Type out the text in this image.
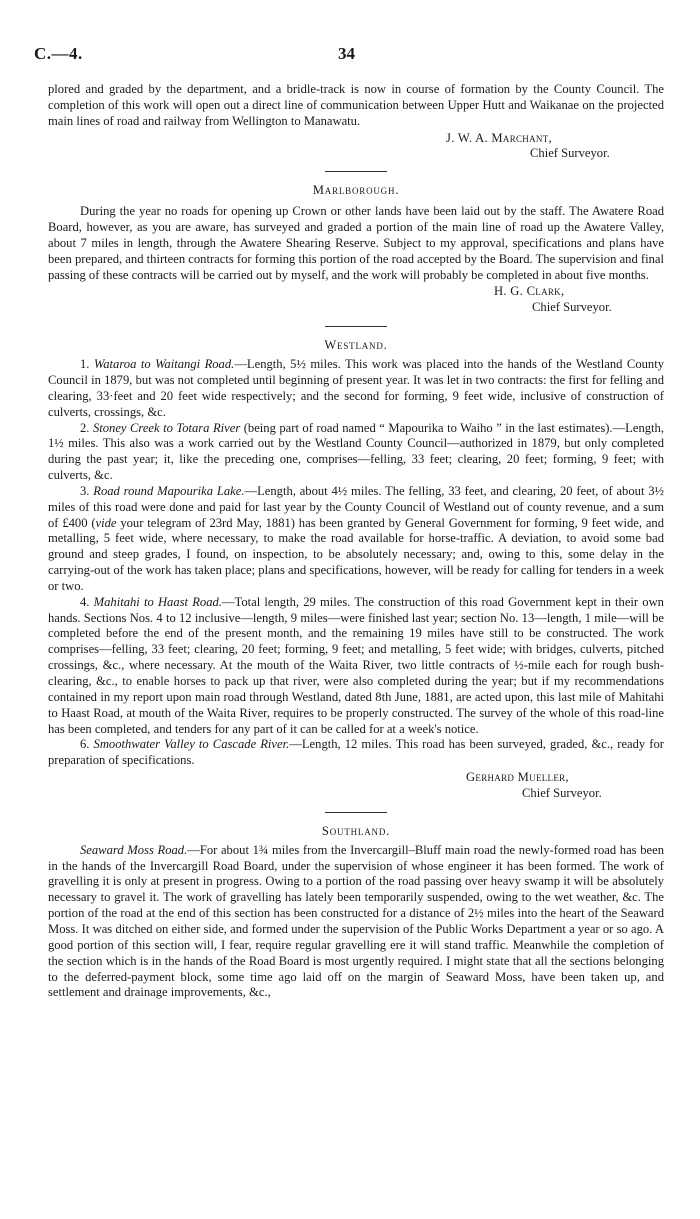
C.—4.	34

plored and graded by the department, and a bridle-track is now in course of formation by the County Council. The completion of this work will open out a direct line of communication between Upper Hutt and Waikanae on the projected main lines of road and railway from Wellington to Manawatu.

J. W. A. Marchant,
Chief Surveyor.
Marlborough.

During the year no roads for opening up Crown or other lands have been laid out by the staff. The Awatere Road Board, however, as you are aware, has surveyed and graded a portion of the main line of road up the Awatere Valley, about 7 miles in length, through the Awatere Shearing Reserve. Subject to my approval, specifications and plans have been prepared, and thirteen contracts for forming this portion of the road accepted by the Board. The supervision and final passing of these contracts will be carried out by myself, and the work will probably be completed in about five months.

H. G. Clark,
Chief Surveyor.
Westland.

1. Wataroa to Waitangi Road.—Length, 5½ miles. This work was placed into the hands of the Westland County Council in 1879, but was not completed until beginning of present year. It was let in two contracts: the first for felling and clearing, 33·feet and 20 feet wide respectively; and the second for forming, 9 feet wide, inclusive of construction of culverts, crossings, &c.

2. Stoney Creek to Totara River (being part of road named “ Mapourika to Waiho ” in the last estimates).—Length, 1½ miles. This also was a work carried out by the Westland County Council—authorized in 1879, but only completed during the past year; it, like the preceding one, comprises—felling, 33 feet; clearing, 20 feet; forming, 9 feet; with culverts, &c.

3. Road round Mapourika Lake.—Length, about 4½ miles. The felling, 33 feet, and clearing, 20 feet, of about 3½ miles of this road were done and paid for last year by the County Council of Westland out of county revenue, and a sum of £400 (vide your telegram of 23rd May, 1881) has been granted by General Government for forming, 9 feet wide, and metalling, 5 feet wide, where necessary, to make the road available for horse-traffic. A deviation, to avoid some bad ground and steep grades, I found, on inspection, to be absolutely necessary; and, owing to this, some delay in the carrying-out of the work has taken place; plans and specifications, however, will be ready for calling for tenders in a week or two.

4. Mahitahi to Haast Road.—Total length, 29 miles. The construction of this road Government kept in their own hands. Sections Nos. 4 to 12 inclusive—length, 9 miles—were finished last year; section No. 13—length, 1 mile—will be completed before the end of the present month, and the remaining 19 miles have still to be constructed. The work comprises—felling, 33 feet; clearing, 20 feet; forming, 9 feet; and metalling, 5 feet wide; with bridges, culverts, pitched crossings, &c., where necessary. At the mouth of the Waita River, two little contracts of ½-mile each for rough bush-clearing, &c., to enable horses to pack up that river, were also completed during the year; but if my recommendations contained in my report upon main road through Westland, dated 8th June, 1881, are acted upon, this last mile of Mahitahi to Haast Road, at mouth of the Waita River, requires to be properly constructed. The survey of the whole of this road-line has been completed, and tenders for any part of it can be called for at a week's notice.

6. Smoothwater Valley to Cascade River.—Length, 12 miles. This road has been surveyed, graded, &c., ready for preparation of specifications.

Gerhard Mueller,
Chief Surveyor.
Southland.

Seaward Moss Road.—For about 1¾ miles from the Invercargill–Bluff main road the newly-formed road has been in the hands of the Invercargill Road Board, under the supervision of whose engineer it has been formed. The work of gravelling it is only at present in progress. Owing to a portion of the road passing over heavy swamp it will be absolutely necessary to gravel it. The work of gravelling has lately been temporarily suspended, owing to the wet weather, &c. The portion of the road at the end of this section has been constructed for a distance of 2½ miles into the heart of the Seaward Moss. It was ditched on either side, and formed under the supervision of the Public Works Department a year or so ago. A good portion of this section will, I fear, require regular gravelling ere it will stand traffic. Meanwhile the completion of the section which is in the hands of the Road Board is most urgently required. I might state that all the sections belonging to the deferred-payment block, some time ago laid off on the margin of Seaward Moss, have been taken up, and settlement and drainage improvements, &c.,
